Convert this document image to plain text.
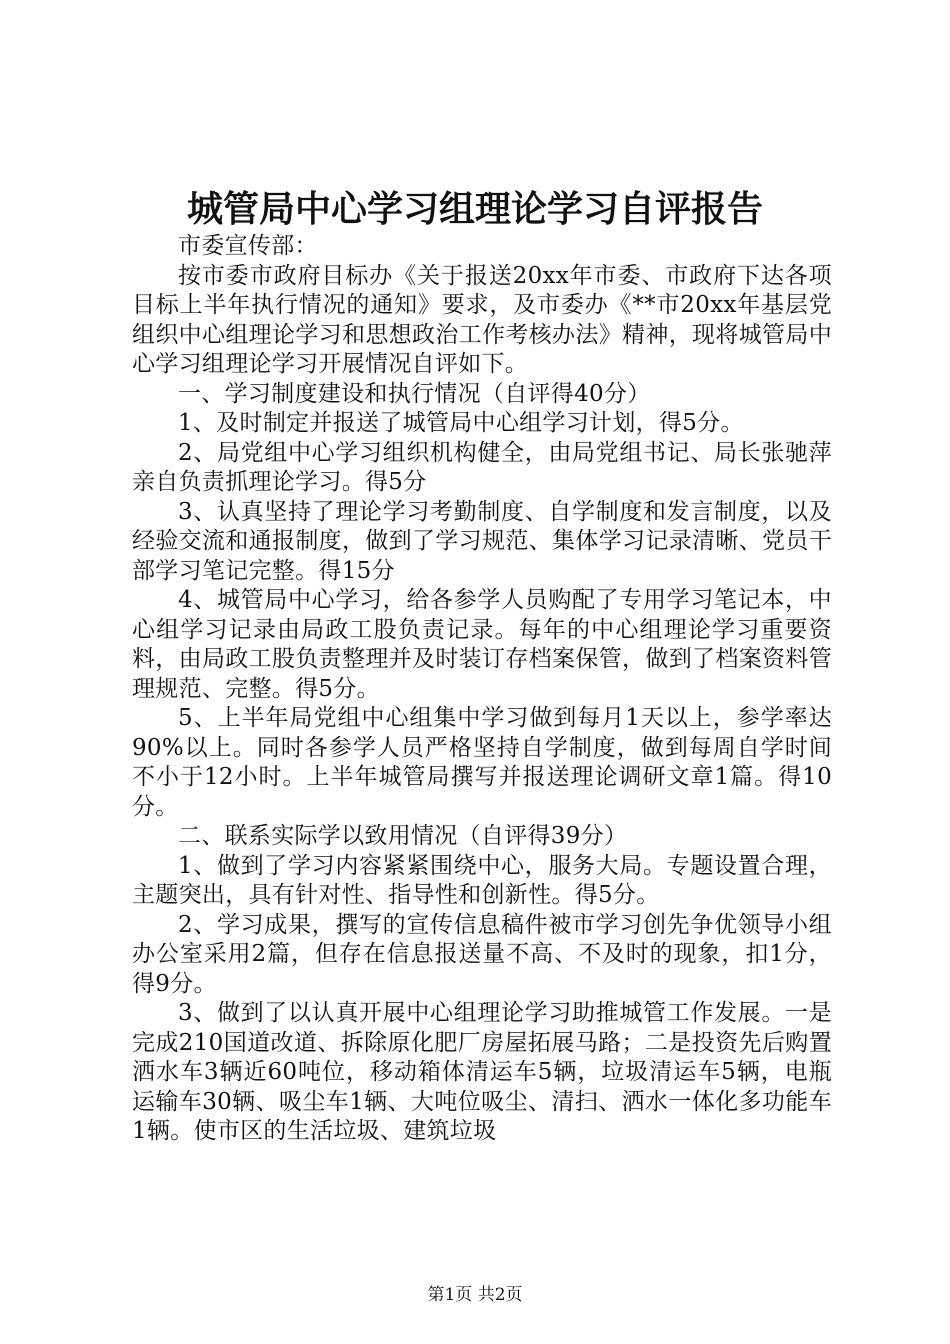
城管局中心学习组理论学习自评报告

市委宣传部：

按市委市政府目标办《关于报送20xx年市委、市政府下达各项目标上半年执行情况的通知》要求，及市委办《**市20xx年基层党组织中心组理论学习和思想政治工作考核办法》精神，现将城管局中心学习组理论学习开展情况自评如下。

一、学习制度建设和执行情况（自评得40分）

1、及时制定并报送了城管局中心组学习计划，得5分。

2、局党组中心学习组织机构健全，由局党组书记、局长张驰萍亲自负责抓理论学习。得5分

3、认真坚持了理论学习考勤制度、自学制度和发言制度，以及经验交流和通报制度，做到了学习规范、集体学习记录清晰、党员干部学习笔记完整。得15分

4、城管局中心学习，给各参学人员购配了专用学习笔记本，中心组学习记录由局政工股负责记录。每年的中心组理论学习重要资料，由局政工股负责整理并及时装订存档案保管，做到了档案资料管理规范、完整。得5分。

5、上半年局党组中心组集中学习做到每月1天以上，参学率达90%以上。同时各参学人员严格坚持自学制度，做到每周自学时间不小于12小时。上半年城管局撰写并报送理论调研文章1篇。得10分。

二、联系实际学以致用情况（自评得39分）

1、做到了学习内容紧紧围绕中心，服务大局。专题设置合理，主题突出，具有针对性、指导性和创新性。得5分。

2、学习成果，撰写的宣传信息稿件被市学习创先争优领导小组办公室采用2篇，但存在信息报送量不高、不及时的现象，扣1分，得9分。

3、做到了以认真开展中心组理论学习助推城管工作发展。一是完成210国道改道、拆除原化肥厂房屋拓展马路；二是投资先后购置洒水车3辆近60吨位，移动箱体清运车5辆，垃圾清运车5辆，电瓶运输车30辆、吸尘车1辆、大吨位吸尘、清扫、洒水一体化多功能车1辆。使市区的生活垃圾、建筑垃圾

第1页 共2页
